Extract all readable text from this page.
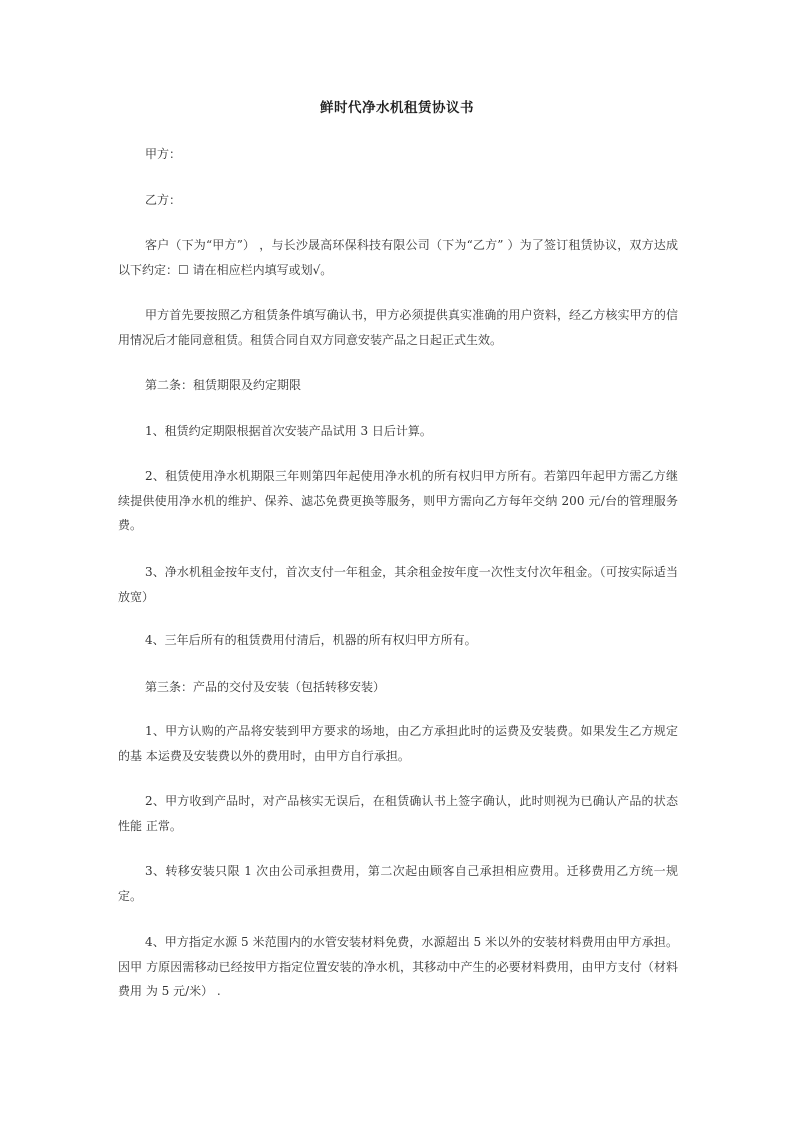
鲜时代净水机租赁协议书
甲方：
乙方：
客户（下为“甲方”） ，与长沙晟高环保科技有限公司（下为“乙方” ）为了签订租赁协议，双方达成以下约定：☐ 请在相应栏内填写或划√。
甲方首先要按照乙方租赁条件填写确认书，甲方必须提供真实准确的用户资料，经乙方核实甲方的信用情况后才能同意租赁。租赁合同自双方同意安装产品之日起正式生效。
第二条：租赁期限及约定期限
1、租赁约定期限根据首次安装产品试用 3 日后计算。
2、租赁使用净水机期限三年则第四年起使用净水机的所有权归甲方所有。若第四年起甲方需乙方继续提供使用净水机的维护、保养、滤芯免费更换等服务，则甲方需向乙方每年交纳 200 元/台的管理服务费。
3、净水机租金按年支付，首次支付一年租金，其余租金按年度一次性支付次年租金。（可按实际适当放宽）
4、三年后所有的租赁费用付清后，机器的所有权归甲方所有。
第三条：产品的交付及安装（包括转移安装）
1、甲方认购的产品将安装到甲方要求的场地，由乙方承担此时的运费及安装费。如果发生乙方规定的基 本运费及安装费以外的费用时，由甲方自行承担。
2、甲方收到产品时，对产品核实无误后，在租赁确认书上签字确认，此时则视为已确认产品的状态性能 正常。
3、转移安装只限 1 次由公司承担费用，第二次起由顾客自己承担相应费用。迁移费用乙方统一规定。
4、甲方指定水源 5 米范围内的水管安装材料免费，水源超出 5 米以外的安装材料费用由甲方承担。因甲 方原因需移动已经按甲方指定位置安装的净水机，其移动中产生的必要材料费用，由甲方支付（材料费用 为 5 元/米） .
